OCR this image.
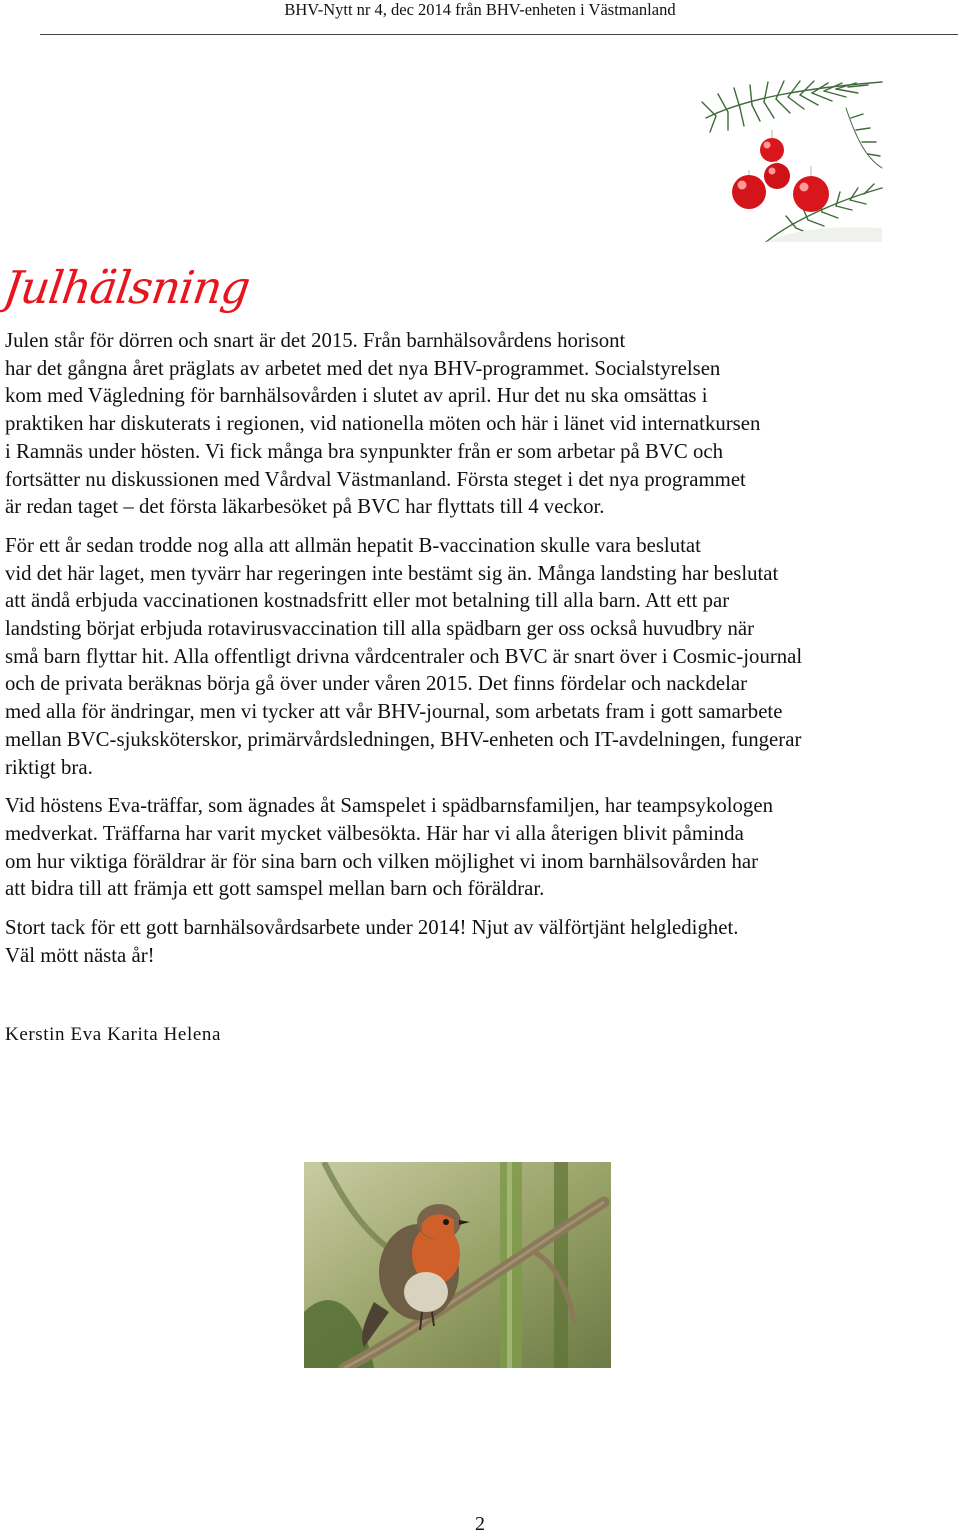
BHV-Nytt nr 4, dec 2014 från BHV-enheten i Västmanland
Julhälsning

Julen står för dörren och snart är det 2015. Från barnhälsovårdens horisont
har det gångna året präglats av arbetet med det nya BHV-programmet. Socialstyrelsen
kom med Vägledning för barnhälsovården i slutet av april. Hur det nu ska omsättas i
praktiken har diskuterats i regionen, vid nationella möten och här i länet vid internatkursen
i Ramnäs under hösten. Vi fick många bra synpunkter från er som arbetar på BVC och
fortsätter nu diskussionen med Vårdval Västmanland. Första steget i det nya programmet
är redan taget – det första läkarbesöket på BVC har flyttats till 4 veckor.

För ett år sedan trodde nog alla att allmän hepatit B-vaccination skulle vara beslutat
vid det här laget, men tyvärr har regeringen inte bestämt sig än. Många landsting har beslutat
att ändå erbjuda vaccinationen kostnadsfritt eller mot betalning till alla barn. Att ett par
landsting börjat erbjuda rotavirusvaccination till alla spädbarn ger oss också huvudbry när
små barn flyttar hit. Alla offentligt drivna vårdcentraler och BVC är snart över i Cosmic-journal
och de privata beräknas börja gå över under våren 2015. Det finns fördelar och nackdelar
med alla för ändringar, men vi tycker att vår BHV-journal, som arbetats fram i gott samarbete
mellan BVC-sjuksköterskor, primärvårdsledningen, BHV-enheten och IT-avdelningen, fungerar
riktigt bra.

Vid höstens Eva-träffar, som ägnades åt Samspelet i spädbarnsfamiljen, har teampsykologen
medverkat. Träffarna har varit mycket välbesökta. Här har vi alla återigen blivit påminda
om hur viktiga föräldrar är för sina barn och vilken möjlighet vi inom barnhälsovården har
att bidra till att främja ett gott samspel mellan barn och föräldrar.

Stort tack för ett gott barnhälsovårdsarbete under 2014! Njut av välförtjänt helgledighet.
Väl mött nästa år!

Kerstin Eva Karita Helena
2
